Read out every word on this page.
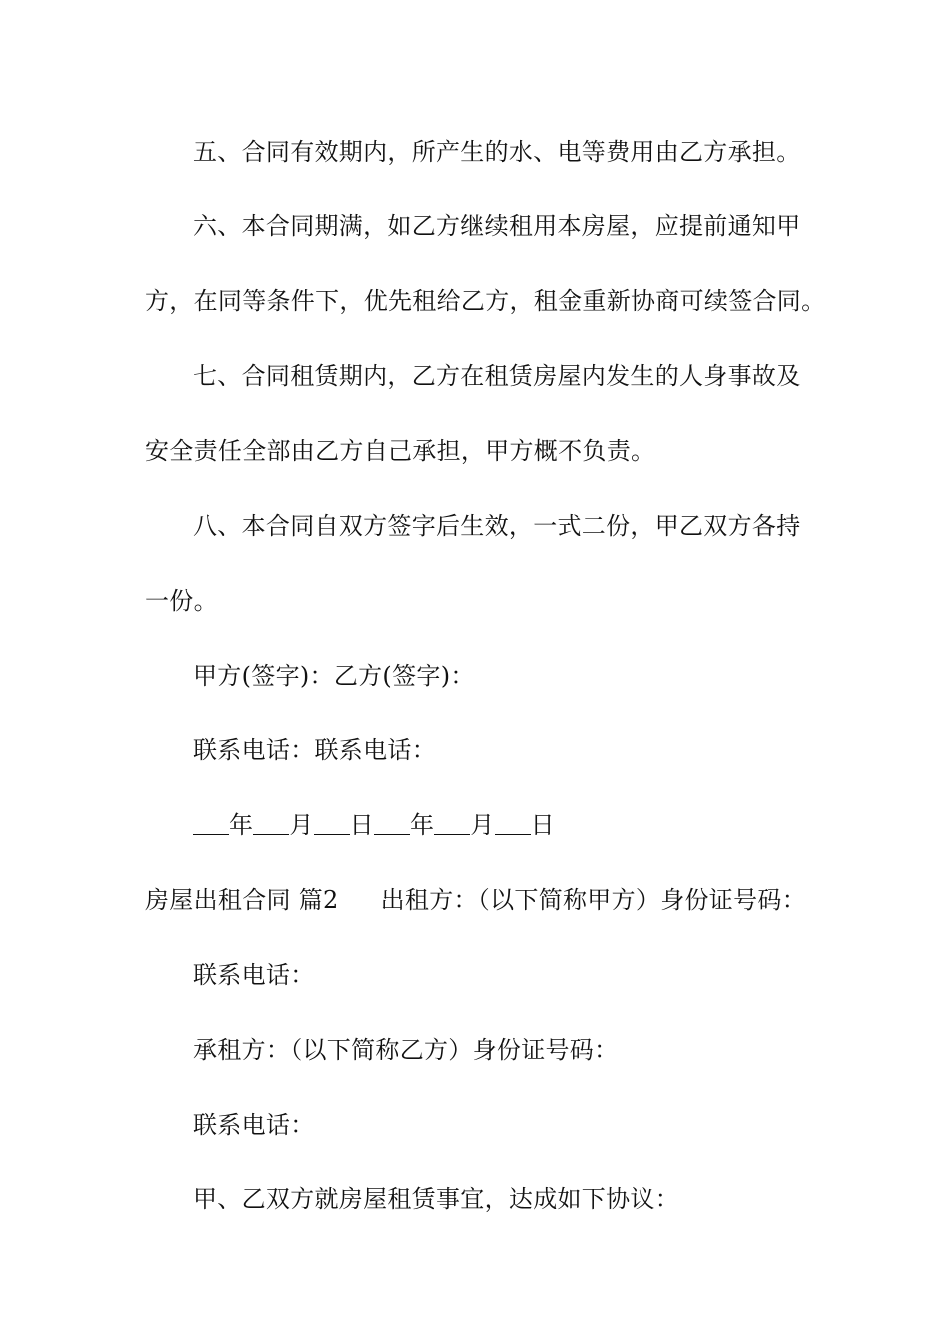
五、合同有效期内，所产生的水、电等费用由乙方承担。
六、本合同期满，如乙方继续租用本房屋，应提前通知甲
方，在同等条件下，优先租给乙方，租金重新协商可续签合同。
七、合同租赁期内，乙方在租赁房屋内发生的人身事故及
安全责任全部由乙方自己承担，甲方概不负责。
八、本合同自双方签字后生效，一式二份，甲乙双方各持
一份。
甲方(签字)：乙方(签字)：
联系电话：联系电话：
年 月 日 年 月 日
房屋出租合同 篇2 出租方：（以下简称甲方）身份证号码：
联系电话：
承租方：（以下简称乙方）身份证号码：
联系电话：
甲、乙双方就房屋租赁事宜，达成如下协议：
